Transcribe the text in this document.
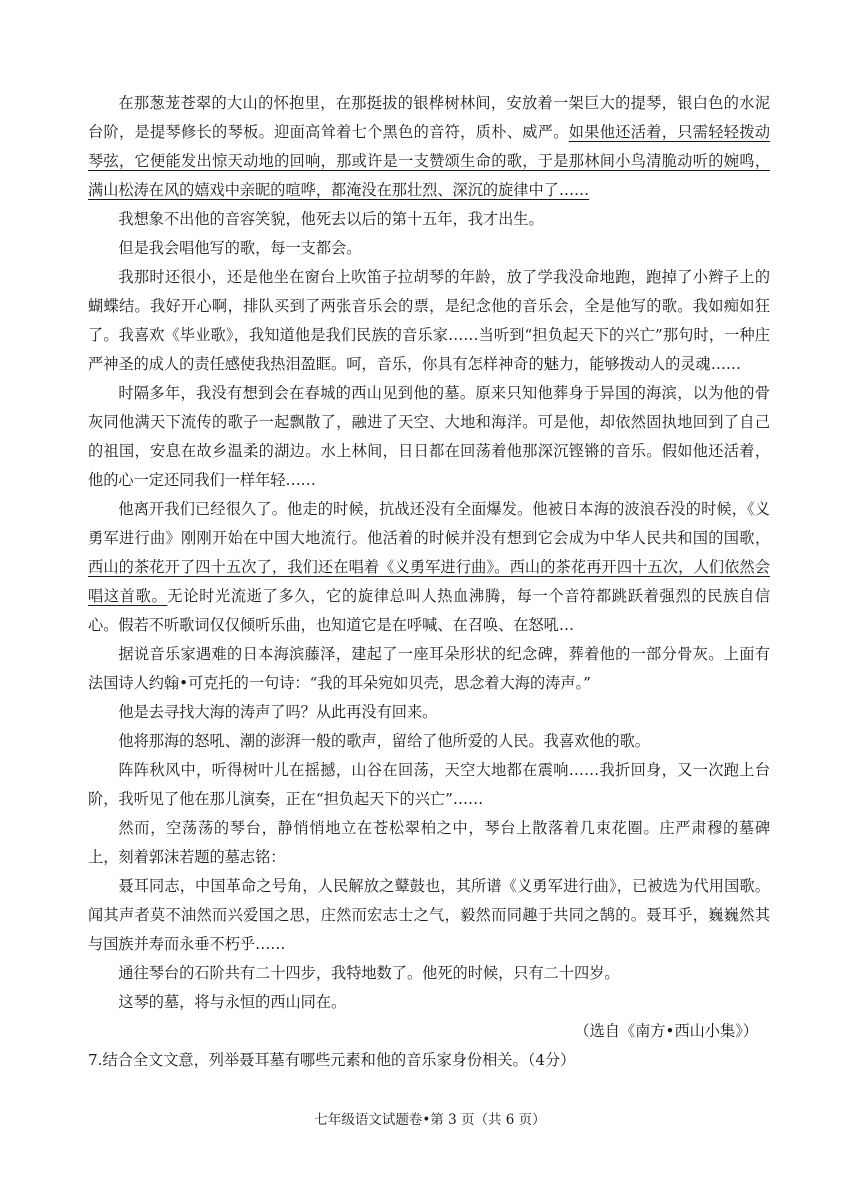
在那葱茏苍翠的大山的怀抱里，在那挺拔的银桦树林间，安放着一架巨大的提琴，银白色的水泥台阶，是提琴修长的琴板。迎面高耸着七个黑色的音符，质朴、威严。如果他还活着，只需轻轻拨动琴弦，它便能发出惊天动地的回响，那或许是一支赞颂生命的歌，于是那林间小鸟清脆动听的婉鸣，满山松涛在风的嬉戏中亲昵的喧哗，都淹没在那壮烈、深沉的旋律中了……

我想象不出他的音容笑貌，他死去以后的第十五年，我才出生。

但是我会唱他写的歌，每一支都会。

我那时还很小，还是他坐在窗台上吹笛子拉胡琴的年龄，放了学我没命地跑，跑掉了小辫子上的蝴蝶结。我好开心啊，排队买到了两张音乐会的票，是纪念他的音乐会，全是他写的歌。我如痴如狂了。我喜欢《毕业歌》，我知道他是我们民族的音乐家……当听到“担负起天下的兴亡”那句时，一种庄严神圣的成人的责任感使我热泪盈眶。呵，音乐，你具有怎样神奇的魅力，能够拨动人的灵魂……

时隔多年，我没有想到会在春城的西山见到他的墓。原来只知他葬身于异国的海滨，以为他的骨灰同他满天下流传的歌子一起飘散了，融进了天空、大地和海洋。可是他，却依然固执地回到了自己的祖国，安息在故乡温柔的湖边。水上林间，日日都在回荡着他那深沉铿锵的音乐。假如他还活着，他的心一定还同我们一样年轻……

他离开我们已经很久了。他走的时候，抗战还没有全面爆发。他被日本海的波浪吞没的时候，《义勇军进行曲》刚刚开始在中国大地流行。他活着的时候并没有想到它会成为中华人民共和国的国歌，西山的茶花开了四十五次了，我们还在唱着《义勇军进行曲》。西山的茶花再开四十五次，人们依然会唱这首歌。无论时光流逝了多久，它的旋律总叫人热血沸腾，每一个音符都跳跃着强烈的民族自信心。假若不听歌词仅仅倾听乐曲，也知道它是在呼喊、在召唤、在怒吼…

据说音乐家遇难的日本海滨藤泽，建起了一座耳朵形状的纪念碑，葬着他的一部分骨灰。上面有法国诗人约翰•可克托的一句诗：“我的耳朵宛如贝壳，思念着大海的涛声。”

他是去寻找大海的涛声了吗？从此再没有回来。

他将那海的怒吼、潮的澎湃一般的歌声，留给了他所爱的人民。我喜欢他的歌。

阵阵秋风中，听得树叶儿在摇撼，山谷在回荡，天空大地都在震响……我折回身，又一次跑上台阶，我听见了他在那儿演奏，正在“担负起天下的兴亡”……

然而，空荡荡的琴台，静悄悄地立在苍松翠柏之中，琴台上散落着几束花圈。庄严肃穆的墓碑上，刻着郭沫若题的墓志铭：

聂耳同志，中国革命之号角，人民解放之鼙鼓也，其所谱《义勇军进行曲》，已被选为代用国歌。闻其声者莫不油然而兴爱国之思，庄然而宏志士之气，毅然而同趣于共同之鹄的。聂耳乎，巍巍然其与国族并寿而永垂不朽乎……

通往琴台的石阶共有二十四步，我特地数了。他死的时候，只有二十四岁。

这琴的墓，将与永恒的西山同在。

（选自《南方•西山小集》）

7.结合全文文意，列举聂耳墓有哪些元素和他的音乐家身份相关。（4分）

七年级语文试题卷•第 3 页（共 6 页）
